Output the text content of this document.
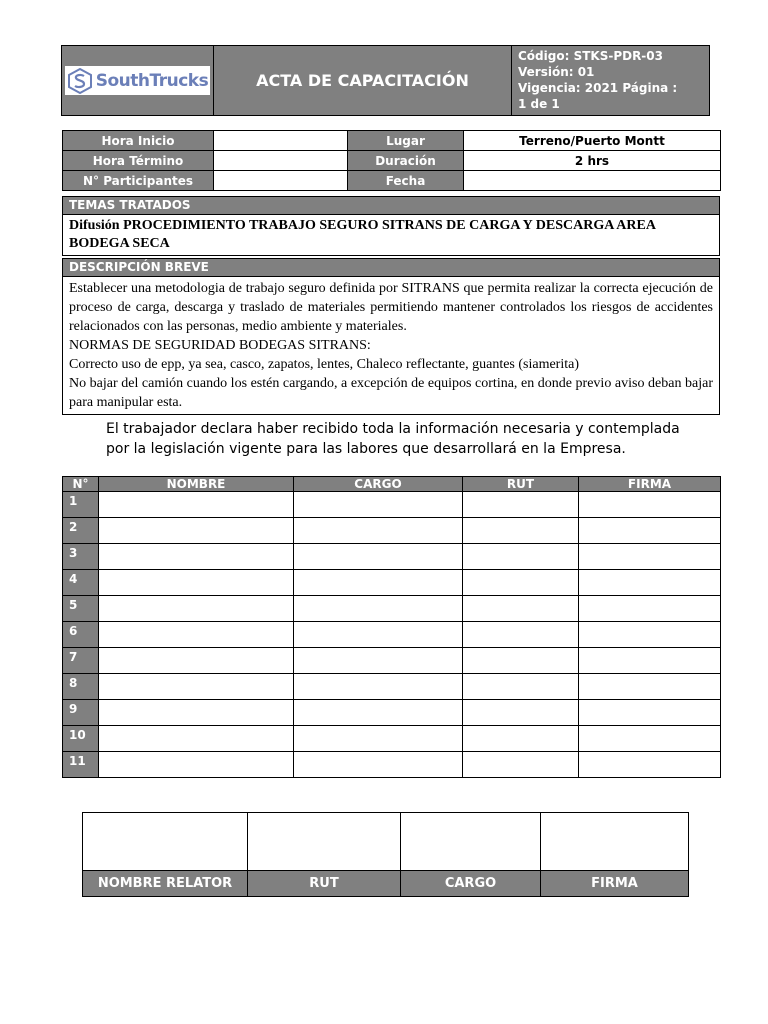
SouthTrucks	ACTA DE CAPACITACIÓN	
Código: STKS-PDR-03
Versión: 01
Vigencia: 2021 Página :
1 de 1
Hora Inicio		Lugar	Terreno/Puerto Montt
Hora Término		Duración	2 hrs
N° Participantes		Fecha	
TEMAS TRATADOS
Difusión PROCEDIMIENTO TRABAJO SEGURO SITRANS DE CARGA Y DESCARGA AREA BODEGA SECA
DESCRIPCIÓN BREVE

Establecer una metodologia de trabajo seguro definida por SITRANS que permita realizar la correcta ejecución de proceso de carga, descarga y traslado de materiales permitiendo mantener controlados los riesgos de accidentes relacionados con las personas, medio ambiente y materiales.
NORMAS DE SEGURIDAD BODEGAS SITRANS:
Correcto uso de epp, ya sea, casco, zapatos, lentes, Chaleco reflectante, guantes (siamerita)
No bajar del camión cuando los estén cargando, a excepción de equipos cortina, en donde previo aviso deban bajar para manipular esta.
El trabajador declara haber recibido toda la información necesaria y contemplada
por la legislación vigente para las labores que desarrollará en la Empresa.
N°	NOMBRE	CARGO	RUT	FIRMA
1				
2				
3				
4				
5				
6				
7				
8				
9				
10				
11				

NOMBRE RELATOR	RUT	CARGO	FIRMA
